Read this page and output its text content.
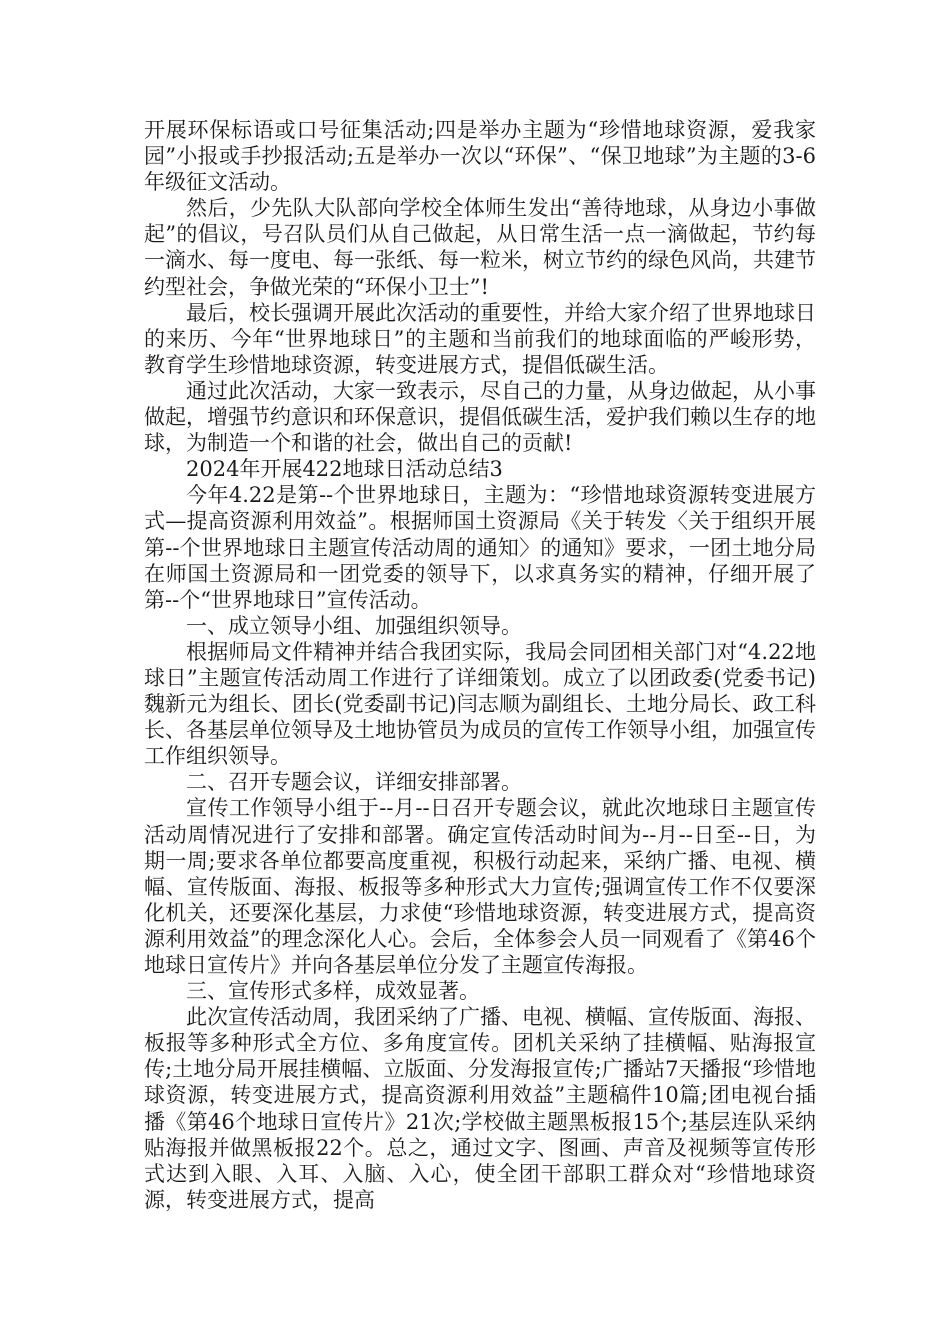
开展环保标语或口号征集活动;四是举办主题为“珍惜地球资源，爱我家园”小报或手抄报活动;五是举办一次以“环保”、“保卫地球”为主题的3-6年级征文活动。

然后，少先队大队部向学校全体师生发出“善待地球，从身边小事做起”的倡议，号召队员们从自己做起，从日常生活一点一滴做起，节约每一滴水、每一度电、每一张纸、每一粒米，树立节约的绿色风尚，共建节约型社会，争做光荣的“环保小卫士”!

最后，校长强调开展此次活动的重要性，并给大家介绍了世界地球日的来历、今年“世界地球日”的主题和当前我们的地球面临的严峻形势，教育学生珍惜地球资源，转变进展方式，提倡低碳生活。

通过此次活动，大家一致表示，尽自己的力量，从身边做起，从小事做起，增强节约意识和环保意识，提倡低碳生活，爱护我们赖以生存的地球，为制造一个和谐的社会，做出自己的贡献!

2024年开展422地球日活动总结3

今年4.22是第--个世界地球日，主题为：“珍惜地球资源转变进展方式—提高资源利用效益”。根据师国土资源局《关于转发〈关于组织开展第--个世界地球日主题宣传活动周的通知〉的通知》要求，一团土地分局在师国土资源局和一团党委的领导下，以求真务实的精神，仔细开展了第--个“世界地球日”宣传活动。

一、成立领导小组、加强组织领导。

根据师局文件精神并结合我团实际，我局会同团相关部门对“4.22地球日”主题宣传活动周工作进行了详细策划。成立了以团政委(党委书记)魏新元为组长、团长(党委副书记)闫志顺为副组长、土地分局长、政工科长、各基层单位领导及土地协管员为成员的宣传工作领导小组，加强宣传工作组织领导。

二、召开专题会议，详细安排部署。

宣传工作领导小组于--月--日召开专题会议，就此次地球日主题宣传活动周情况进行了安排和部署。确定宣传活动时间为--月--日至--日，为期一周;要求各单位都要高度重视，积极行动起来，采纳广播、电视、横幅、宣传版面、海报、板报等多种形式大力宣传;强调宣传工作不仅要深化机关，还要深化基层，力求使“珍惜地球资源，转变进展方式，提高资源利用效益”的理念深化人心。会后，全体参会人员一同观看了《第46个地球日宣传片》并向各基层单位分发了主题宣传海报。

三、宣传形式多样，成效显著。

此次宣传活动周，我团采纳了广播、电视、横幅、宣传版面、海报、板报等多种形式全方位、多角度宣传。团机关采纳了挂横幅、贴海报宣传;土地分局开展挂横幅、立版面、分发海报宣传;广播站7天播报“珍惜地球资源，转变进展方式，提高资源利用效益”主题稿件10篇;团电视台插播《第46个地球日宣传片》21次;学校做主题黑板报15个;基层连队采纳贴海报并做黑板报22个。总之，通过文字、图画、声音及视频等宣传形式达到入眼、入耳、入脑、入心，使全团干部职工群众对“珍惜地球资源，转变进展方式，提高
